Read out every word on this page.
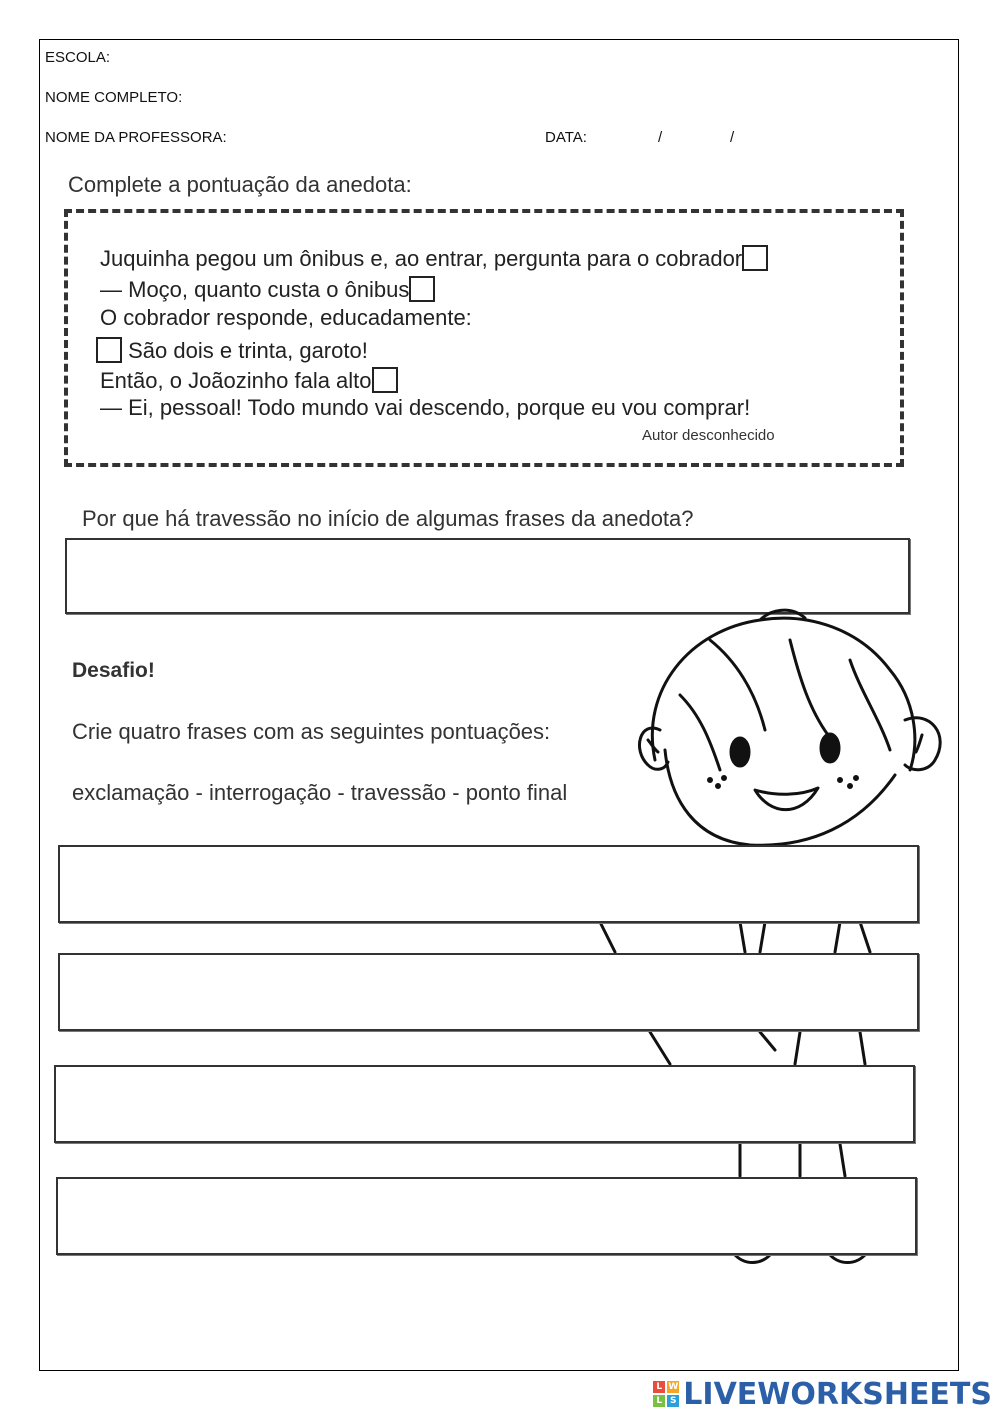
ESCOLA:
NOME COMPLETO:
NOME DA PROFESSORA:	DATA:	/	/
Complete a pontuação da anedota:
Juquinha pegou um ônibus e, ao entrar, pergunta para o cobrador
— Moço, quanto custa o ônibus
O cobrador responde, educadamente:
São dois e trinta, garoto!
Então, o Joãozinho fala alto
— Ei, pessoal! Todo mundo vai descendo, porque eu vou comprar!
Autor desconhecido
Por que há travessão no início de algumas frases da anedota?
Desafio!
Crie quatro frases com as seguintes pontuações:
exclamação - interrogação - travessão - ponto final
L W
L S LIVEWORKSHEETS
